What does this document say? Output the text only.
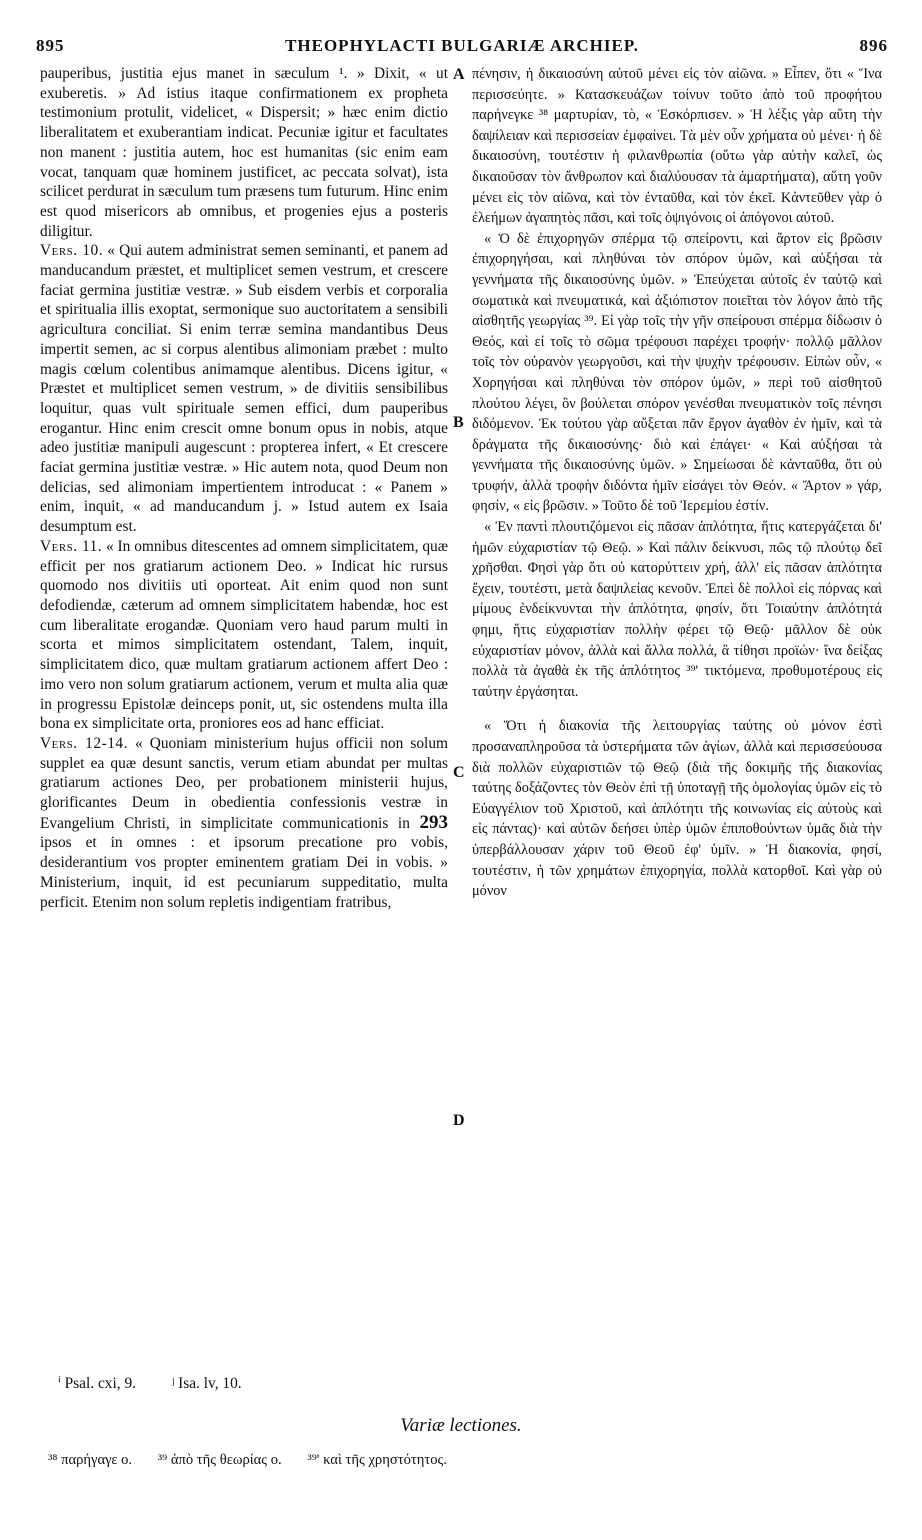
895	THEOPHYLACTI BULGARIÆ ARCHIEP.	896

pauperibus, justitia ejus manet in sæculum ¹. » Dixit, « ut exuberetis. » Ad istius itaque confirmationem ex propheta testimonium protulit, videlicet, « Dispersit; » hæc enim dictio liberalitatem et exuberantiam indicat. Pecuniæ igitur et facultates non manent : justitia autem, hoc est humanitas (sic enim eam vocat, tanquam quæ hominem justificet, ac peccata solvat), ista scilicet perdurat in sæculum tum præsens tum futurum. Hinc enim est quod misericors ab omnibus, et progenies ejus a posteris diligitur.

Vers. 10. « Qui autem administrat semen seminanti, et panem ad manducandum præstet, et multiplicet semen vestrum, et crescere faciat germina justitiæ vestræ. » Sub eisdem verbis et corporalia et spiritualia illis exoptat, sermonique suo auctoritatem a sensibili agricultura conciliat. Si enim terræ semina mandantibus Deus impertit semen, ac si corpus alentibus alimoniam præbet : multo magis cœlum colentibus animamque alentibus. Dicens igitur, « Præstet et multiplicet semen vestrum, » de divitiis sensibilibus loquitur, quas vult spirituale semen effici, dum pauperibus erogantur. Hinc enim crescit omne bonum opus in nobis, atque adeo justitiæ manipuli augescunt : propterea infert, « Et crescere faciat germina justitiæ vestræ. » Hic autem nota, quod Deum non delicias, sed alimoniam impertientem introducat : « Panem » enim, inquit, « ad manducandum j. » Istud autem ex Isaia desumptum est.

Vers. 11. « In omnibus ditescentes ad omnem simplicitatem, quæ efficit per nos gratiarum actionem Deo. » Indicat hic rursus quomodo nos divitiis uti oporteat. Ait enim quod non sunt defodiendæ, cæterum ad omnem simplicitatem habendæ, hoc est cum liberalitate erogandæ. Quoniam vero haud parum multi in scorta et mimos simplicitatem ostendant, Talem, inquit, simplicitatem dico, quæ multam gratiarum actionem affert Deo : imo vero non solum gratiarum actionem, verum et multa alia quæ in progressu Epistolæ deinceps ponit, ut, sic ostendens multa illa bona ex simplicitate orta, proniores eos ad hanc efficiat.

Vers. 12-14. « Quoniam ministerium hujus officii non solum supplet ea quæ desunt sanctis, verum etiam abundat per multas gratiarum actiones Deo, per probationem ministerii hujus, glorificantes Deum in obedientia confessionis vestræ in Evangelium Christi, in simplicitate communicationis in 293 ipsos et in omnes : et ipsorum precatione pro vobis, desiderantium vos propter eminentem gratiam Dei in vobis. » Ministerium, inquit, id est pecuniarum suppeditatio, multa perficit. Etenim non solum repletis indigentiam fratribus,

A
B
C
D

πένησιν, ἡ δικαιοσύνη αὐτοῦ μένει εἰς τὸν αἰῶνα. » Εἶπεν, ὅτι « Ἵνα περισσεύητε. » Κατασκευάζων τοίνυν τοῦτο ἀπὸ τοῦ προφήτου παρήνεγκε ³⁸ μαρτυρίαν, τὸ, « Ἐσκόρπισεν. » Ἡ λέξις γὰρ αὕτη τὴν δαψίλειαν καὶ περισσείαν ἐμφαίνει. Τὰ μὲν οὖν χρήματα οὐ μένει· ἡ δὲ δικαιοσύνη, τουτέστιν ἡ φιλανθρωπία (οὕτω γὰρ αὐτὴν καλεῖ, ὡς δικαιοῦσαν τὸν ἄνθρωπον καὶ διαλύουσαν τὰ ἁμαρτήματα), αὕτη γοῦν μένει εἰς τὸν αἰῶνα, καὶ τὸν ἐνταῦθα, καὶ τὸν ἐκεῖ. Κἀντεῦθεν γὰρ ὁ ἐλεήμων ἀγαπητὸς πᾶσι, καὶ τοῖς ὀψιγόνοις οἱ ἀπόγονοι αὐτοῦ.

« Ὁ δὲ ἐπιχορηγῶν σπέρμα τῷ σπείροντι, καὶ ἄρτον εἰς βρῶσιν ἐπιχορηγήσαι, καὶ πληθύναι τὸν σπόρον ὑμῶν, καὶ αὐξήσαι τὰ γεννήματα τῆς δικαιοσύνης ὑμῶν. » Ἐπεύχεται αὐτοῖς ἐν ταὐτῷ καὶ σωματικὰ καὶ πνευματικά, καὶ ἀξιόπιστον ποιεῖται τὸν λόγον ἀπὸ τῆς αἰσθητῆς γεωργίας ³⁹. Εἰ γὰρ τοῖς τὴν γῆν σπείρουσι σπέρμα δίδωσιν ὁ Θεός, καὶ εἰ τοῖς τὸ σῶμα τρέφουσι παρέχει τροφήν· πολλῷ μᾶλλον τοῖς τὸν οὐρανὸν γεωργοῦσι, καὶ τὴν ψυχὴν τρέφουσιν. Εἰπὼν οὖν, « Χορηγήσαι καὶ πληθύναι τὸν σπόρον ὑμῶν, » περὶ τοῦ αἰσθητοῦ πλούτου λέγει, ὃν βούλεται σπόρον γενέσθαι πνευματικὸν τοῖς πένησι διδόμενον. Ἐκ τούτου γὰρ αὔξεται πᾶν ἔργον ἀγαθὸν ἐν ἡμῖν, καὶ τὰ δράγματα τῆς δικαιοσύνης· διὸ καὶ ἐπάγει· « Καὶ αὐξήσαι τὰ γεννήματα τῆς δικαιοσύνης ὑμῶν. » Σημείωσαι δὲ κἀνταῦθα, ὅτι οὐ τρυφήν, ἀλλὰ τροφὴν διδόντα ἡμῖν εἰσάγει τὸν Θεόν. « Ἄρτον » γάρ, φησίν, « εἰς βρῶσιν. » Τοῦτο δὲ τοῦ Ἱερεμίου ἐστίν.

« Ἐν παντὶ πλουτιζόμενοι εἰς πᾶσαν ἁπλότητα, ἥτις κατεργάζεται δι' ἡμῶν εὐχαριστίαν τῷ Θεῷ. » Καὶ πάλιν δείκνυσι, πῶς τῷ πλούτῳ δεῖ χρῆσθαι. Φησὶ γὰρ ὅτι οὐ κατορύττειν χρή, ἀλλ' εἰς πᾶσαν ἁπλότητα ἔχειν, τουτέστι, μετὰ δαψιλείας κενοῦν. Ἐπεὶ δὲ πολλοὶ εἰς πόρνας καὶ μίμους ἐνδείκνυνται τὴν ἁπλότητα, φησίν, ὅτι Τοιαύτην ἁπλότητά φημι, ἥτις εὐχαριστίαν πολλὴν φέρει τῷ Θεῷ· μᾶλλον δὲ οὐκ εὐχαριστίαν μόνον, ἀλλὰ καὶ ἄλλα πολλά, ἃ τίθησι προϊών· ἵνα δείξας πολλὰ τὰ ἀγαθὰ ἐκ τῆς ἁπλότητος ³⁹' τικτόμενα, προθυμοτέρους εἰς ταύτην ἐργάσηται.

« Ὅτι ἡ διακονία τῆς λειτουργίας ταύτης οὐ μόνον ἐστὶ προσαναπληροῦσα τὰ ὑστερήματα τῶν ἁγίων, ἀλλὰ καὶ περισσεύουσα διὰ πολλῶν εὐχαριστιῶν τῷ Θεῷ (διὰ τῆς δοκιμῆς τῆς διακονίας ταύτης δοξάζοντες τὸν Θεὸν ἐπὶ τῇ ὑποταγῇ τῆς ὁμολογίας ὑμῶν εἰς τὸ Εὐαγγέλιον τοῦ Χριστοῦ, καὶ ἁπλότητι τῆς κοινωνίας εἰς αὐτοὺς καὶ εἰς πάντας)· καὶ αὐτῶν δεήσει ὑπὲρ ὑμῶν ἐπιποθούντων ὑμᾶς διὰ τὴν ὑπερβάλλουσαν χάριν τοῦ Θεοῦ ἐφ' ὑμῖν. » Ἡ διακονία, φησί, τουτέστιν, ἡ τῶν χρημάτων ἐπιχορηγία, πολλὰ κατορθοῖ. Καὶ γὰρ οὐ μόνον

ⁱ Psal. cxi, 9. ʲ Isa. lv, 10.
Variæ lectiones.
³⁸ παρήγαγε o. ³⁹ ἀπὸ τῆς θεωρίας o. ³⁹' καὶ τῆς χρηστότητος.
